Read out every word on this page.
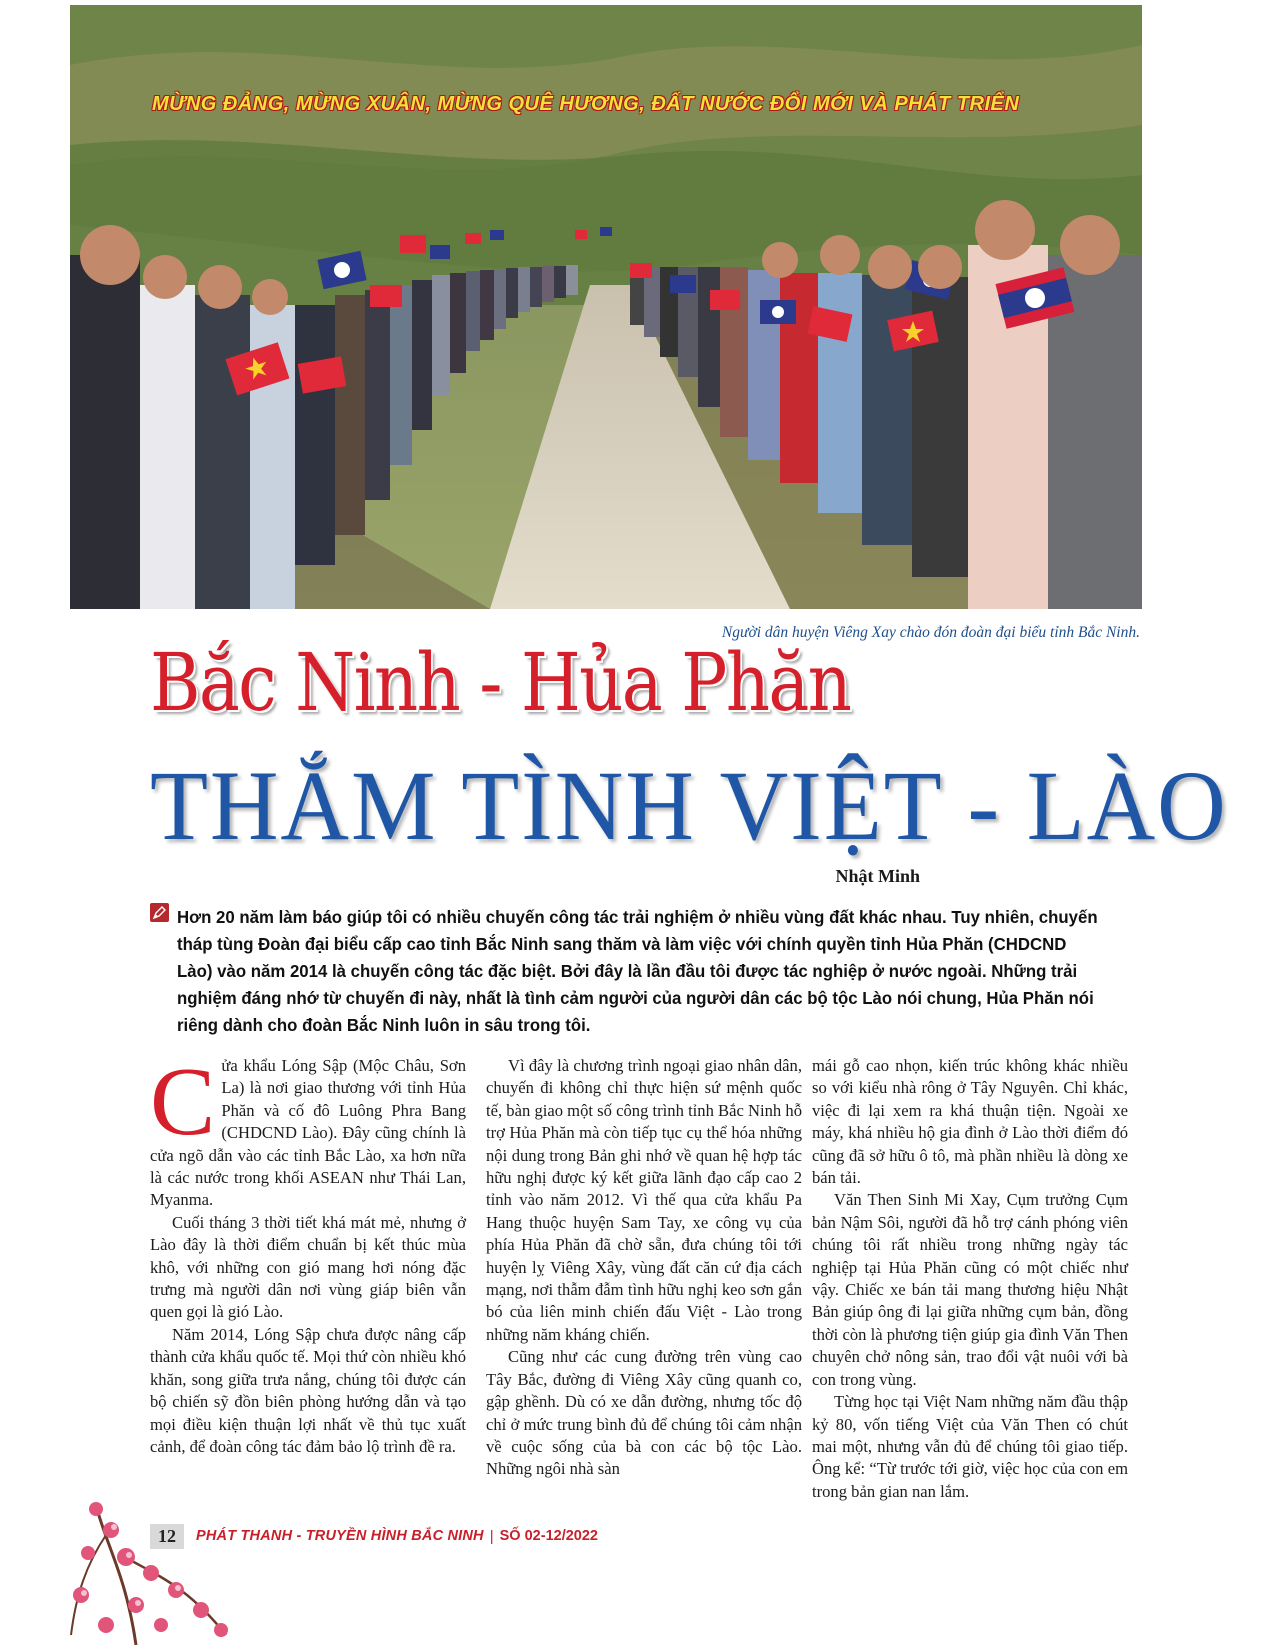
MỪNG ĐẢNG, MỪNG XUÂN, MỪNG QUÊ HƯƠNG, ĐẤT NƯỚC ĐỔI MỚI VÀ PHÁT TRIỂN
Người dân huyện Viêng Xay chào đón đoàn đại biểu tỉnh Bắc Ninh.
Bắc Ninh - Hủa Phăn
THẮM TÌNH VIỆT - LÀO
Nhật Minh

Hơn 20 năm làm báo giúp tôi có nhiều chuyến công tác trải nghiệm ở nhiều vùng đất khác nhau. Tuy nhiên, chuyến tháp tùng Đoàn đại biểu cấp cao tỉnh Bắc Ninh sang thăm và làm việc với chính quyền tỉnh Hủa Phăn (CHDCND Lào) vào năm 2014 là chuyến công tác đặc biệt. Bởi đây là lần đầu tôi được tác nghiệp ở nước ngoài. Những trải nghiệm đáng nhớ từ chuyến đi này, nhất là tình cảm người của người dân các bộ tộc Lào nói chung, Hủa Phăn nói riêng dành cho đoàn Bắc Ninh luôn in sâu trong tôi.

Cửa khẩu Lóng Sập (Mộc Châu, Sơn La) là nơi giao thương với tỉnh Hủa Phăn và cố đô Luông Phra Bang (CHDCND Lào). Đây cũng chính là cửa ngõ dẫn vào các tỉnh Bắc Lào, xa hơn nữa là các nước trong khối ASEAN như Thái Lan, Myanma.

Cuối tháng 3 thời tiết khá mát mẻ, nhưng ở Lào đây là thời điểm chuẩn bị kết thúc mùa khô, với những con gió mang hơi nóng đặc trưng mà người dân nơi vùng giáp biên vẫn quen gọi là gió Lào.

Năm 2014, Lóng Sập chưa được nâng cấp thành cửa khẩu quốc tế. Mọi thứ còn nhiều khó khăn, song giữa trưa nắng, chúng tôi được cán bộ chiến sỹ đồn biên phòng hướng dẫn và tạo mọi điều kiện thuận lợi nhất về thủ tục xuất cảnh, để đoàn công tác đảm bảo lộ trình đề ra.

Vì đây là chương trình ngoại giao nhân dân, chuyến đi không chỉ thực hiện sứ mệnh quốc tế, bàn giao một số công trình tỉnh Bắc Ninh hỗ trợ Hủa Phăn mà còn tiếp tục cụ thể hóa những nội dung trong Bản ghi nhớ về quan hệ hợp tác hữu nghị được ký kết giữa lãnh đạo cấp cao 2 tỉnh vào năm 2012. Vì thế qua cửa khẩu Pa Hang thuộc huyện Sam Tay, xe công vụ của phía Hủa Phăn đã chờ sẵn, đưa chúng tôi tới huyện lỵ Viêng Xây, vùng đất căn cứ địa cách mạng, nơi thẫm đẫm tình hữu nghị keo sơn gắn bó của liên minh chiến đấu Việt - Lào trong những năm kháng chiến.

Cũng như các cung đường trên vùng cao Tây Bắc, đường đi Viêng Xây cũng quanh co, gập ghềnh. Dù có xe dẫn đường, nhưng tốc độ chỉ ở mức trung bình đủ để chúng tôi cảm nhận về cuộc sống của bà con các bộ tộc Lào. Những ngôi nhà sàn

mái gỗ cao nhọn, kiến trúc không khác nhiều so với kiểu nhà rông ở Tây Nguyên. Chỉ khác, việc đi lại xem ra khá thuận tiện. Ngoài xe máy, khá nhiều hộ gia đình ở Lào thời điểm đó cũng đã sở hữu ô tô, mà phần nhiều là dòng xe bán tải.

Văn Then Sinh Mi Xay, Cụm trưởng Cụm bản Nậm Sôi, người đã hỗ trợ cánh phóng viên chúng tôi rất nhiều trong những ngày tác nghiệp tại Hủa Phăn cũng có một chiếc như vậy. Chiếc xe bán tải mang thương hiệu Nhật Bản giúp ông đi lại giữa những cụm bản, đồng thời còn là phương tiện giúp gia đình Văn Then chuyên chở nông sản, trao đổi vật nuôi với bà con trong vùng.

Từng học tại Việt Nam những năm đầu thập kỷ 80, vốn tiếng Việt của Văn Then có chút mai một, nhưng vẫn đủ để chúng tôi giao tiếp. Ông kể: “Từ trước tới giờ, việc học của con em trong bản gian nan lắm.

12	PHÁT THANH - TRUYỀN HÌNH BẮC NINH | SỐ 02-12/2022
